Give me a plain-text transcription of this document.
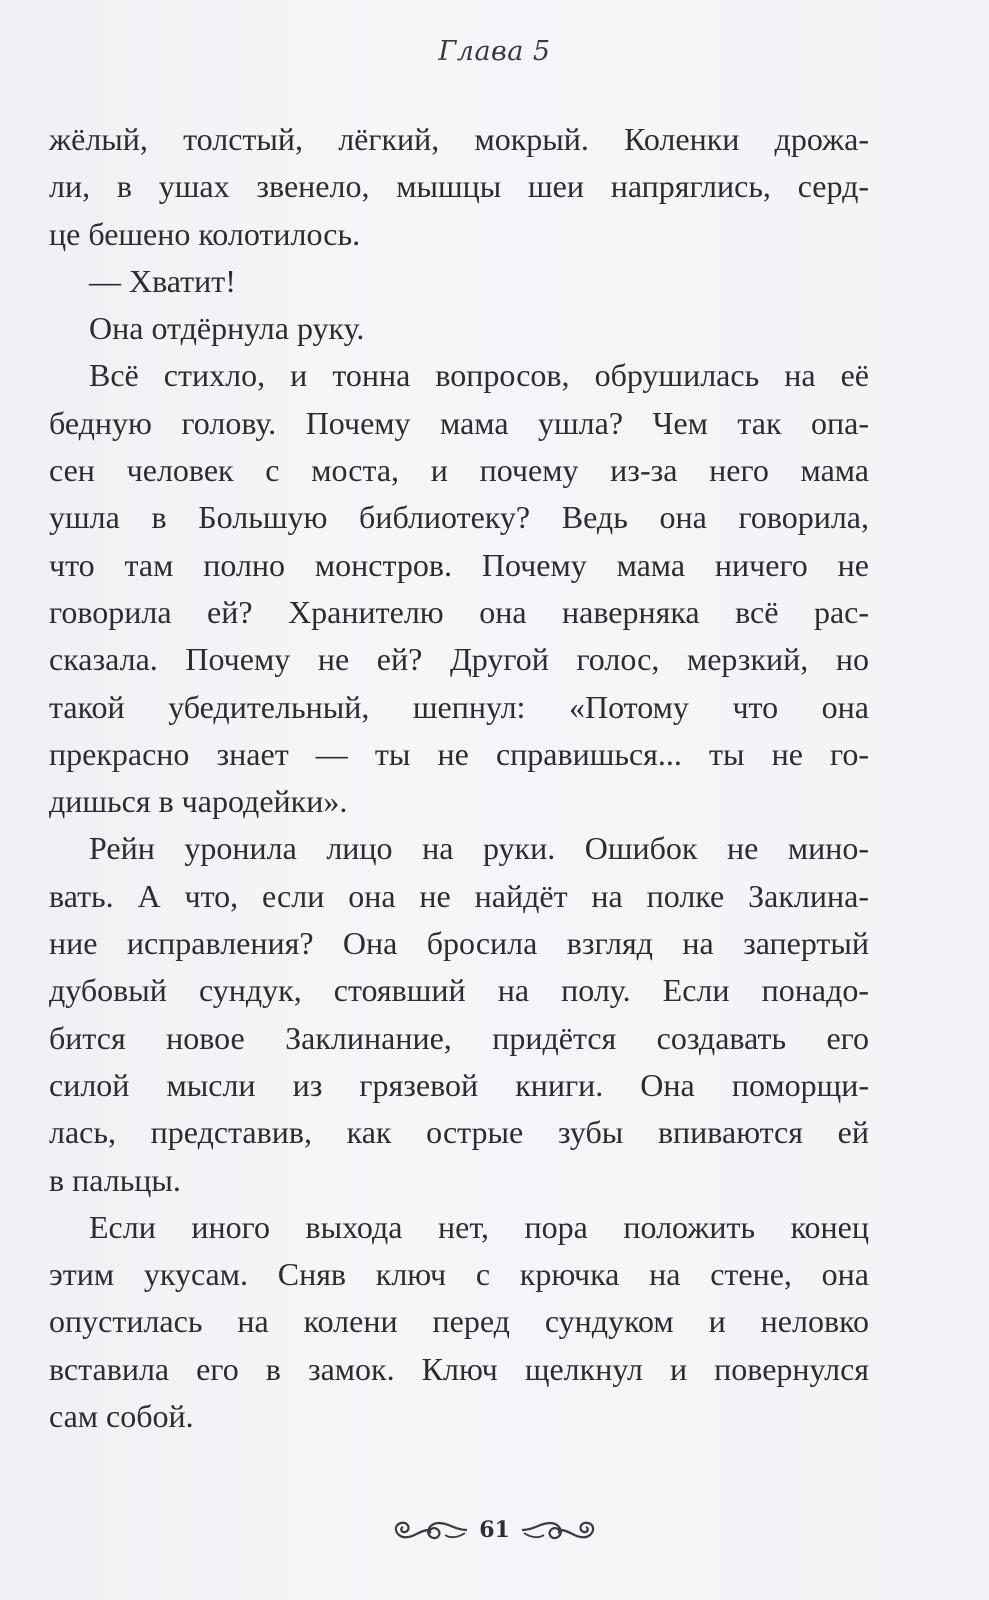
Глава 5
жёлый, толстый, лёгкий, мокрый. Коленки дрожа-
ли, в ушах звенело, мышцы шеи напряглись, серд-
це бешено колотилось.
— Хватит!
Она отдёрнула руку.
Всё стихло, и тонна вопросов, обрушилась на её
бедную голову. Почему мама ушла? Чем так опа-
сен человек с моста, и почему из-за него мама
ушла в Большую библиотеку? Ведь она говорила,
что там полно монстров. Почему мама ничего не
говорила ей? Хранителю она наверняка всё рас-
сказала. Почему не ей? Другой голос, мерзкий, но
такой убедительный, шепнул: «Потому что она
прекрасно знает — ты не справишься... ты не го-
дишься в чародейки».
Рейн уронила лицо на руки. Ошибок не мино-
вать. А что, если она не найдёт на полке Заклина-
ние исправления? Она бросила взгляд на запертый
дубовый сундук, стоявший на полу. Если понадо-
бится новое Заклинание, придётся создавать его
силой мысли из грязевой книги. Она поморщи-
лась, представив, как острые зубы впиваются ей
в пальцы.
Если иного выхода нет, пора положить конец
этим укусам. Сняв ключ с крючка на стене, она
опустилась на колени перед сундуком и неловко
вставила его в замок. Ключ щелкнул и повернулся
сам собой.
61
